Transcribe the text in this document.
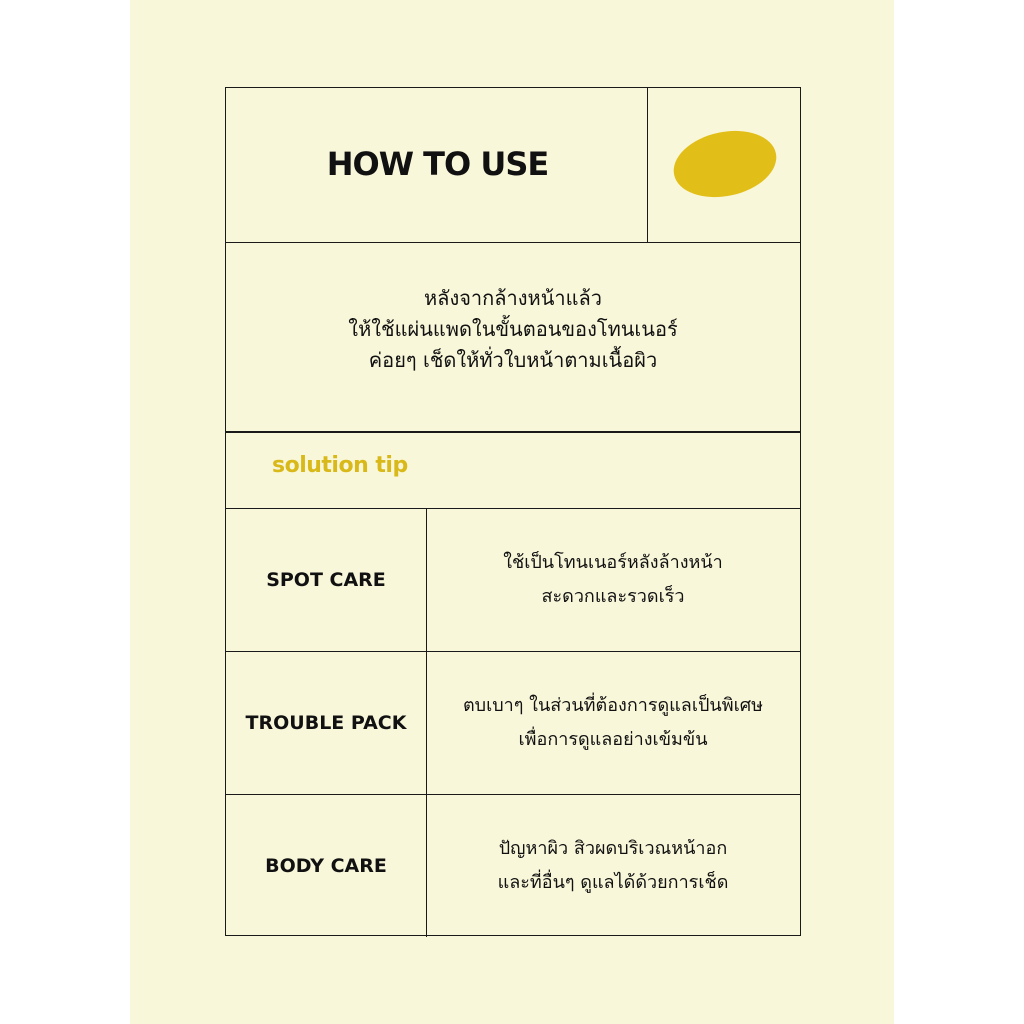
HOW TO USE
หลังจากล้างหน้าแล้ว
ให้ใช้แผ่นแพดในขั้นตอนของโทนเนอร์
ค่อยๆ เช็ดให้ทั่วใบหน้าตามเนื้อผิว
solution tip
SPOT CARE
ใช้เป็นโทนเนอร์หลังล้างหน้า
สะดวกและรวดเร็ว
TROUBLE PACK
ตบเบาๆ ในส่วนที่ต้องการดูแลเป็นพิเศษ
เพื่อการดูแลอย่างเข้มข้น
BODY CARE
ปัญหาผิว สิวผดบริเวณหน้าอก
และที่อื่นๆ ดูแลได้ด้วยการเช็ด
